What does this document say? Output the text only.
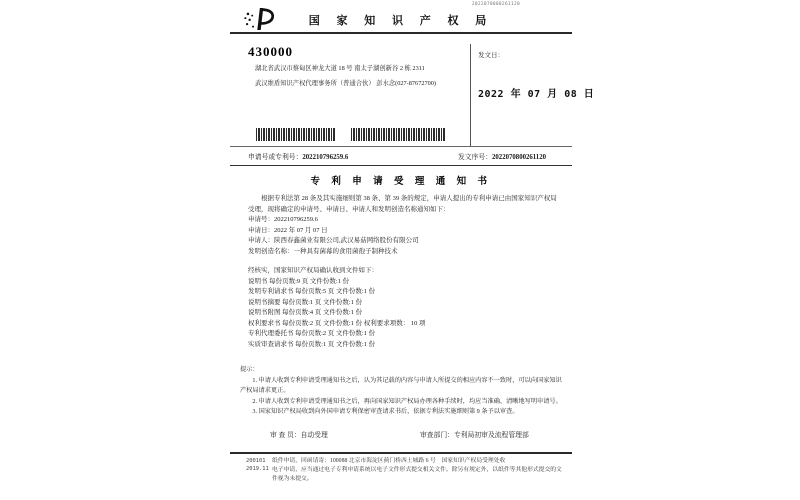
国 家 知 识 产 权 局
2022070800261120
430000
湖北省武汉市蔡甸区神龙大道 18 号 南太子湖创新谷 2 栋 2311
武汉维盾知识产权代理事务所（普通合伙） 彭水念(027-87672700)
发文日：
2022 年 07 月 08 日
申请号或专利号：202210796259.6	发文序号：2022070800261120
专 利 申 请 受 理 通 知 书
根据专利法第 28 条及其实施细则第 38 条、第 39 条的规定，申请人提出的专利申请已由国家知识产权局受理，现将确定的申请号、申请日、申请人和发明创造名称通知如下：
申请号：202210796259.6
申请日：2022 年 07 月 07 日
申请人：陕西春鑫菌业有限公司,武汉易菇网络股份有限公司
发明创造名称：一种具有菌幕的食用菌孢子制种技术
经核实，国家知识产权局确认收到文件如下：
说明书 每份页数:9 页 文件份数:1 份
发明专利请求书 每份页数:5 页 文件份数:1 份
说明书摘要 每份页数:1 页 文件份数:1 份
说明书附图 每份页数:4 页 文件份数:1 份
权利要求书 每份页数:2 页 文件份数:1 份 权利要求项数： 10 项
专利代理委托书 每份页数:2 页 文件份数:1 份
实质审查请求书 每份页数:1 页 文件份数:1 份
提示：
1. 申请人收到专利申请受理通知书之后，认为其记载的内容与申请人所提交的相应内容不一致时，可以向国家知识产权局请求更正。
2. 申请人收到专利申请受理通知书之后，再向国家知识产权局办理各种手续时，均应当准确、清晰地写明申请号。
3. 国家知识产权局收到向外国申请专利保密审查请求书后，依据专利法实施细则第 9 条予以审查。
审 查 员：自动受理	审查部门：专利局初审及流程管理部
200101
2019.11
纸件申请，回函请寄：100088 北京市海淀区蓟门桥西土城路 6 号　国家知识产权局受理处收
电子申请，应当通过电子专利申请系统以电子文件形式提交相关文件。除另有规定外，以纸件等其他形式提交的文件视为未提交。
